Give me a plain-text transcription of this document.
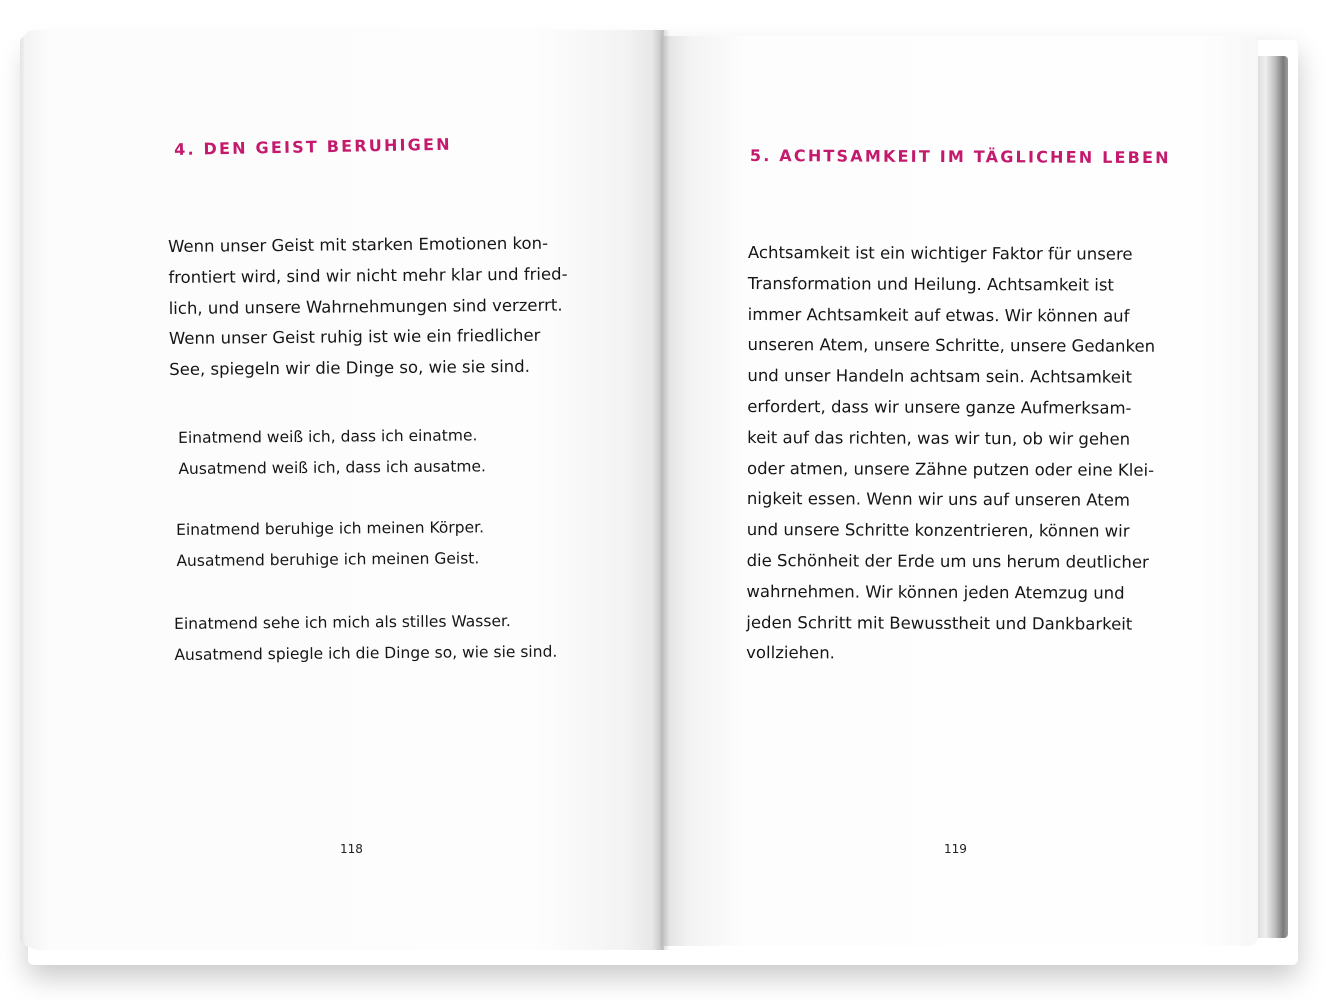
4. DEN GEIST BERUHIGEN
Wenn unser Geist mit starken Emotionen kon-
frontiert wird, sind wir nicht mehr klar und fried-
lich, und unsere Wahrnehmungen sind verzerrt.
Wenn unser Geist ruhig ist wie ein friedlicher
See, spiegeln wir die Dinge so, wie sie sind.
Einatmend weiß ich, dass ich einatme.
Ausatmend weiß ich, dass ich ausatme.
Einatmend beruhige ich meinen Körper.
Ausatmend beruhige ich meinen Geist.
Einatmend sehe ich mich als stilles Wasser.
Ausatmend spiegle ich die Dinge so, wie sie sind.
118
5. ACHTSAMKEIT IM TÄGLICHEN LEBEN
Achtsamkeit ist ein wichtiger Faktor für unsere
Transformation und Heilung. Achtsamkeit ist
immer Achtsamkeit auf etwas. Wir können auf
unseren Atem, unsere Schritte, unsere Gedanken
und unser Handeln achtsam sein. Achtsamkeit
erfordert, dass wir unsere ganze Aufmerksam-
keit auf das richten, was wir tun, ob wir gehen
oder atmen, unsere Zähne putzen oder eine Klei-
nigkeit essen. Wenn wir uns auf unseren Atem
und unsere Schritte konzentrieren, können wir
die Schönheit der Erde um uns herum deutlicher
wahrnehmen. Wir können jeden Atemzug und
jeden Schritt mit Bewusstheit und Dankbarkeit
vollziehen.
119
